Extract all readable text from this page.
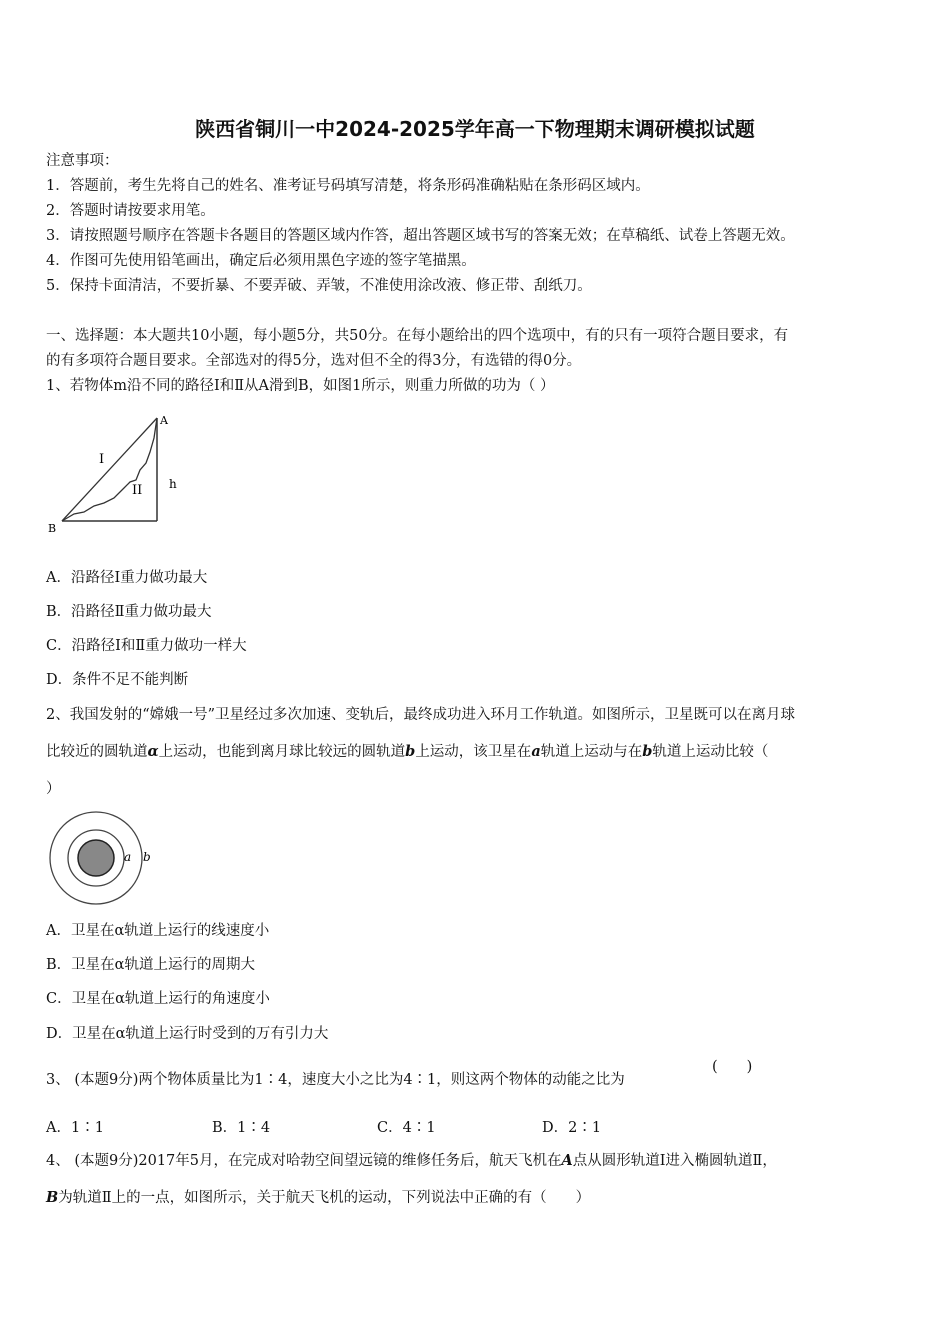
陕西省铜川一中2024-2025学年高一下物理期末调研模拟试题
注意事项：
1．答题前，考生先将自己的姓名、准考证号码填写清楚，将条形码准确粘贴在条形码区域内。
2．答题时请按要求用笔。
3．请按照题号顺序在答题卡各题目的答题区域内作答，超出答题区域书写的答案无效；在草稿纸、试卷上答题无效。
4．作图可先使用铅笔画出，确定后必须用黑色字迹的签字笔描黑。
5．保持卡面清洁，不要折暴、不要弄破、弄皱，不准使用涂改液、修正带、刮纸刀。
一、选择题：本大题共10小题，每小题5分，共50分。在每小题给出的四个选项中，有的只有一项符合题目要求，有
的有多项符合题目要求。全部选对的得5分，选对但不全的得3分，有选错的得0分。
1、若物体m沿不同的路径Ⅰ和Ⅱ从A滑到B，如图1所示，则重力所做的功为（ ）
A
B
h
I
II
A．沿路径Ⅰ重力做功最大
B．沿路径Ⅱ重力做功最大
C．沿路径Ⅰ和Ⅱ重力做功一样大
D．条件不足不能判断
2、我国发射的“嫦娥一号”卫星经过多次加速、变轨后，最终成功进入环月工作轨道。如图所示，卫星既可以在离月球
比较近的圆轨道α上运动，也能到离月球比较远的圆轨道b上运动，该卫星在a轨道上运动与在b轨道上运动比较（
）
a b
A．卫星在α轨道上运行的线速度小
B．卫星在α轨道上运行的周期大
C．卫星在α轨道上运行的角速度小
D．卫星在α轨道上运行时受到的万有引力大
3、 (本题9分)两个物体质量比为1∶4，速度大小之比为4∶1，则这两个物体的动能之比为
(　　)
A．1∶1	B．1∶4	C．4∶1	D．2∶1
4、 (本题9分)2017年5月，在完成对哈勃空间望远镜的维修任务后，航天飞机在A点从圆形轨道Ⅰ进入椭圆轨道Ⅱ，
B为轨道Ⅱ上的一点，如图所示，关于航天飞机的运动，下列说法中正确的有（　　）
